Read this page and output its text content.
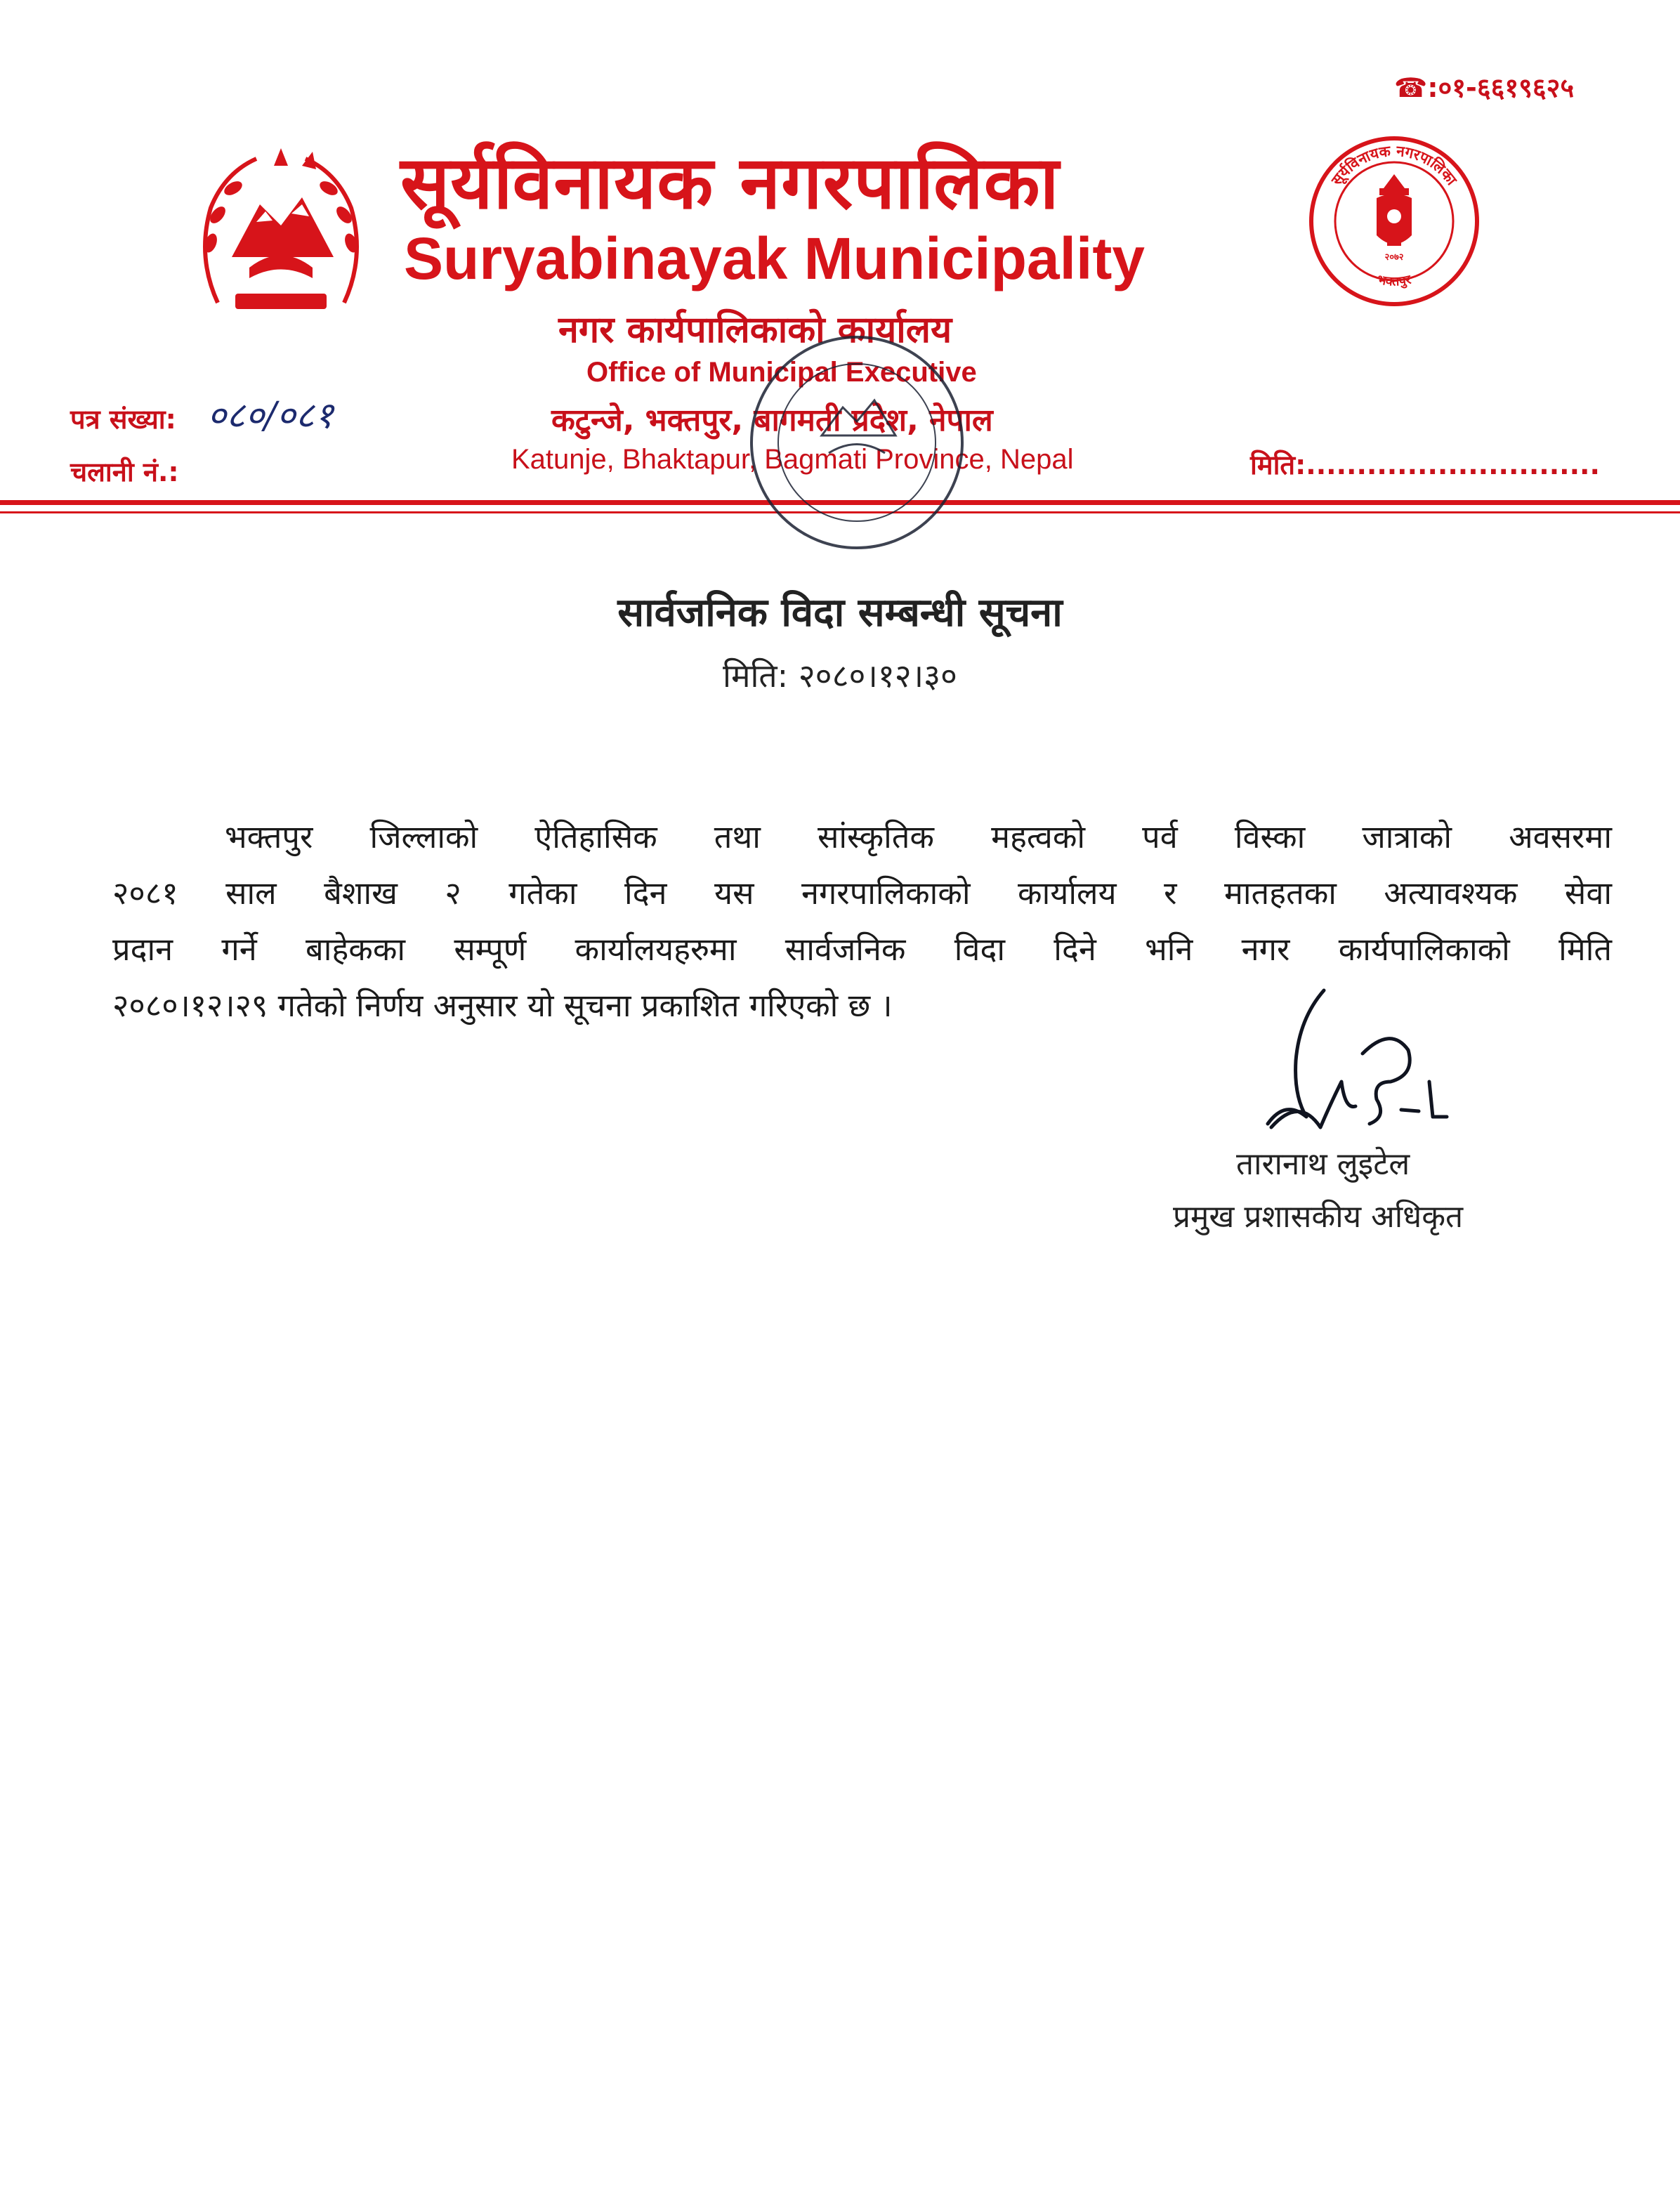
☎:०१-६६१९६२५
सूर्यविनायक नगरपालिका
भक्तपुर
२०७२
सूर्यविनायक नगरपालिका
Suryabinayak Municipality
नगर कार्यपालिकाको कार्यालय
Office of Municipal Executive
कटुन्जे, भक्तपुर, बागमती प्रदेश, नेपाल
Katunje, Bhaktapur, Bagmati Province, Nepal
पत्र संख्या: ०८०/०८१
चलानी नं.:	मिति:.............................
सार्वजनिक विदा सम्बन्धी सूचना
मिति: २०८०।१२।३०
भक्तपुर जिल्लाको ऐतिहासिक तथा सांस्कृतिक महत्वको पर्व विस्का जात्राको अवसरमा
२०८१ साल बैशाख २ गतेका दिन यस नगरपालिकाको कार्यालय र मातहतका अत्यावश्यक सेवा
प्रदान गर्ने बाहेकका सम्पूर्ण कार्यालयहरुमा सार्वजनिक विदा दिने भनि नगर कार्यपालिकाको मिति
२०८०।१२।२९ गतेको निर्णय अनुसार यो सूचना प्रकाशित गरिएको छ ।
तारानाथ लुइटेल
प्रमुख प्रशासकीय अधिकृत
